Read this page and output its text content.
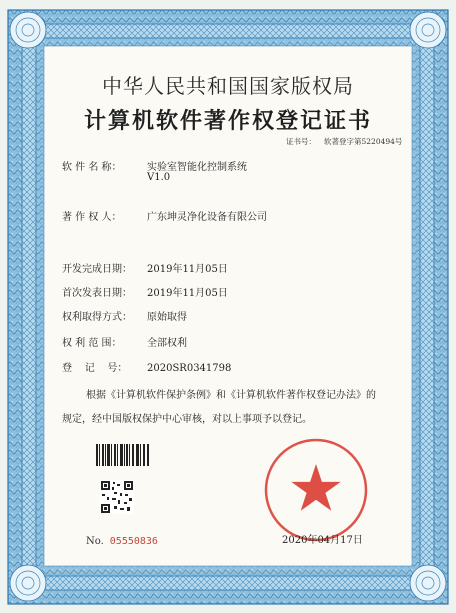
中华人民共和国国家版权局
计算机软件著作权登记证书
证书号： 软著登字第5220494号
软 件 名 称：	实验室智能化控制系统
V1.0
著 作 权 人：	广东坤灵净化设备有限公司
开发完成日期： 2019年11月05日
首次发表日期： 2019年11月05日
权利取得方式： 原始取得
权 利 范 围：	全部权利
登    记    号： 2020SR0341798
根据《计算机软件保护条例》和《计算机软件著作权登记办法》的
规定，经中国版权保护中心审核，对以上事项予以登记。
No. 05550836	2020年04月17日
